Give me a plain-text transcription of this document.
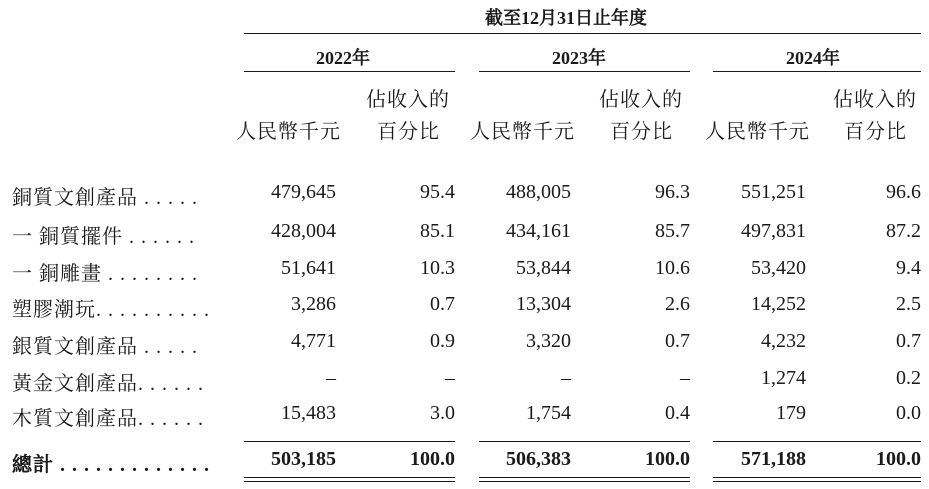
截至12月31日止年度
2022年	2023年	2024年
佔收入的	佔收入的	佔收入的
人民幣千元 百分比 人民幣千元 百分比 人民幣千元 百分比
銅質文創產品 . . . . .	479,645	95.4	488,005	96.3	551,251	96.6
一 銅質擺件 . . . . . .	428,004	85.1	434,161	85.7	497,831	87.2
一 銅雕畫 . . . . . . . .	51,641	10.3	53,844	10.6	53,420	9.4
塑膠潮玩. . . . . . . . . .	3,286	0.7	13,304	2.6	14,252	2.5
銀質文創產品 . . . . .	4,771	0.9	3,320	0.7	4,232	0.7
黃金文創產品. . . . . .	–	–	–	–	1,274	0.2
木質文創產品. . . . . .	15,483	3.0	1,754	0.4	179	0.0
總計 . . . . . . . . . . . . .	503,185	100.0	506,383	100.0	571,188	100.0
